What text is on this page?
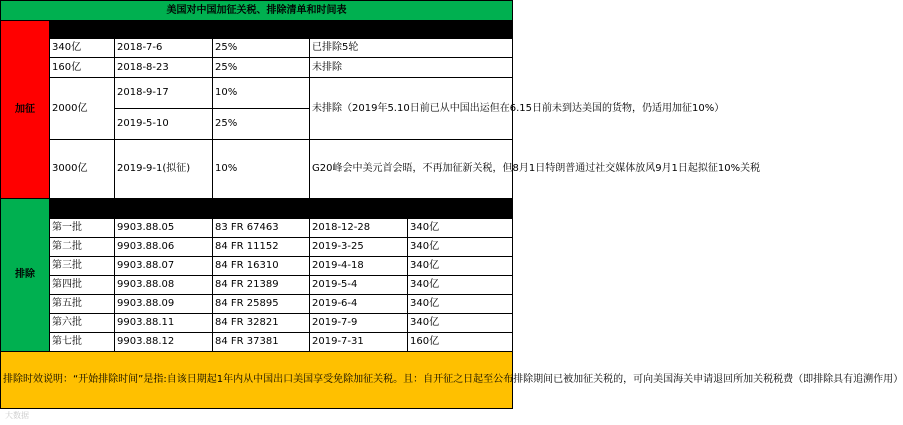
美国对中国加征关税、排除清单和时间表					
加征	加征清单	开始加征时间	加征税率	备注	
	340亿	2018-7-6	25%	已排除5轮	
	160亿	2018-8-23	25%	未排除	
	2000亿	2018-9-17	10%	未排除（2019年5.10日前已从中国出运但在6.15日前未到达美国的货物，仍适用加征10%）	
		2019-5-10	25%		
	3000亿	2019-9-1(拟征)	10%	G20峰会中美元首会晤，不再加征新关税，但8月1日特朗普通过社交媒体放风9月1日起拟征10%关税	
排除	排除轮次	HTS角注编号	联邦公报编号	开始排除时间	所属加征清单
	第一批	9903.88.05	83 FR 67463	2018-12-28	340亿
	第二批	9903.88.06	84 FR 11152	2019-3-25	340亿
	第三批	9903.88.07	84 FR 16310	2019-4-18	340亿
	第四批	9903.88.08	84 FR 21389	2019-5-4	340亿
	第五批	9903.88.09	84 FR 25895	2019-6-4	340亿
	第六批	9903.88.11	84 FR 32821	2019-7-9	340亿
	第七批	9903.88.12	84 FR 37381	2019-7-31	160亿
排除时效说明：“开始排除时间”是指:自该日期起1年内从中国出口美国享受免除加征关税。且：自开征之日起至公布排除期间已被加征关税的，可向美国海关申请退回所加关税税费（即排除具有追溯作用）					
大数据
